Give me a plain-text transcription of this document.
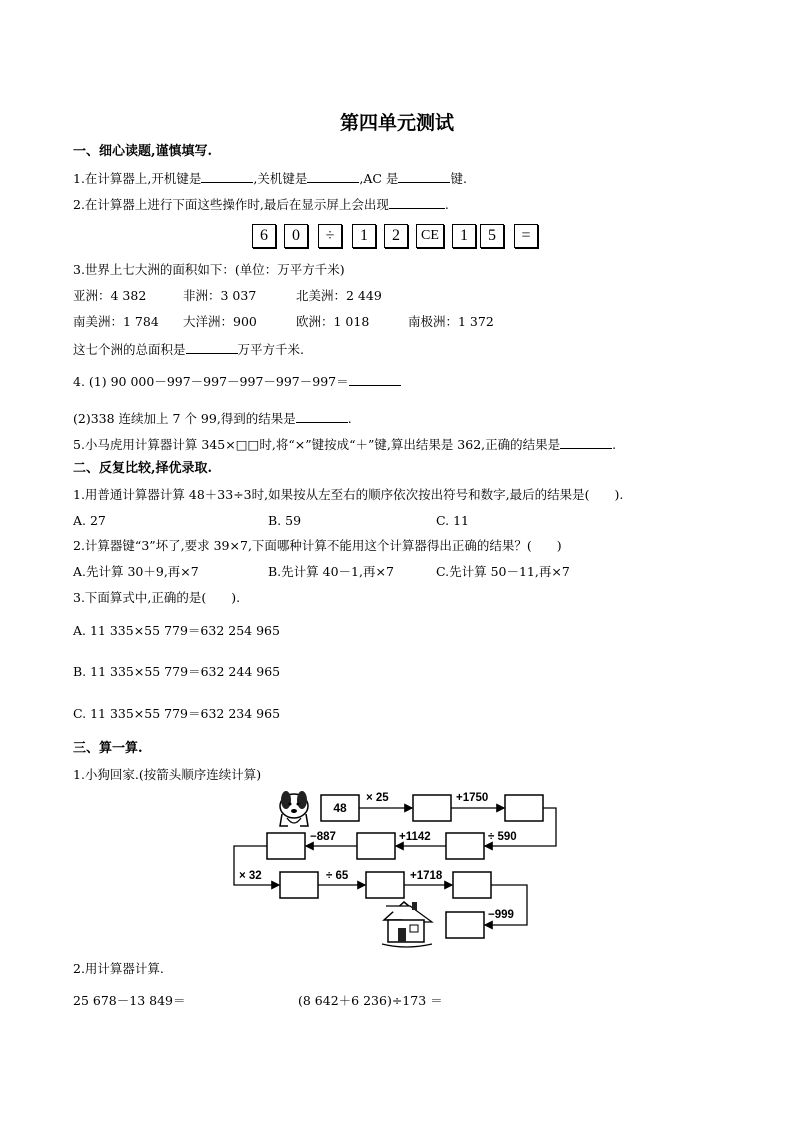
第四单元测试
一、细心读题,谨慎填写.
1.在计算器上,开机键是	,关机键是	,AC 是	键.
2.在计算器上进行下面这些操作时,最后在显示屏上会出现	.
6	0	÷	1	2	CE	1	5	=
3.世界上七大洲的面积如下：(单位：万平方千米)
亚洲：4 382	非洲：3 037	北美洲：2 449
南美洲：1 784 大洋洲：900	欧洲：1 018	南极洲：1 372
这七个洲的总面积是	万平方千米.
4. (1) 90 000－997－997－997－997－997＝
(2)338 连续加上 7 个 99,得到的结果是	.
5.小马虎用计算器计算 345×□□时,将“×”键按成“＋”键,算出结果是 362,正确的结果是	.
二、反复比较,择优录取.
1.用普通计算器计算 48＋33÷3时,如果按从左至右的顺序依次按出符号和数字,最后的结果是(　　).
A. 27	B. 59	C. 11
2.计算器键“3”坏了,要求 39×7,下面哪种计算不能用这个计算器得出正确的结果？(　　)
A.先计算 30＋9,再×7	B.先计算 40－1,再×7	C.先计算 50－11,再×7
3.下面算式中,正确的是(　　).
A. 11 335×55 779＝632 254 965
B. 11 335×55 779＝632 244 965
C. 11 335×55 779＝632 234 965
三、算一算.
1.小狗回家.(按箭头顺序连续计算)
48
× 25	+1750
÷ 590
+1142
−887
× 32	÷ 65	+1718
−999
2.用计算器计算.
25 678－13 849＝	(8 642＋6 236)÷173 ＝
